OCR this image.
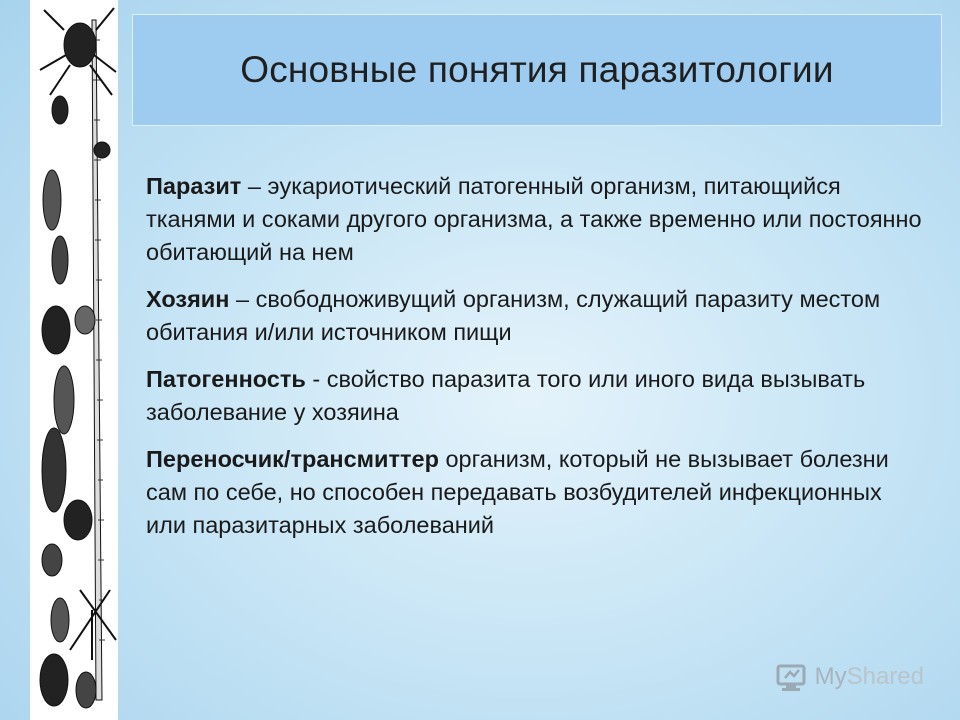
Основные понятия паразитологии

Паразит – эукариотический патогенный организм, питающийся тканями и соками другого организма, а также временно или постоянно обитающий на нем

Хозяин – свободноживущий организм, служащий паразиту местом обитания и/или источником пищи

Патогенность - свойство паразита того или иного вида вызывать заболевание у хозяина

Переносчик/трансмиттер организм, который не вызывает болезни сам по себе, но способен передавать возбудителей инфекционных или паразитарных заболеваний

My Shared
